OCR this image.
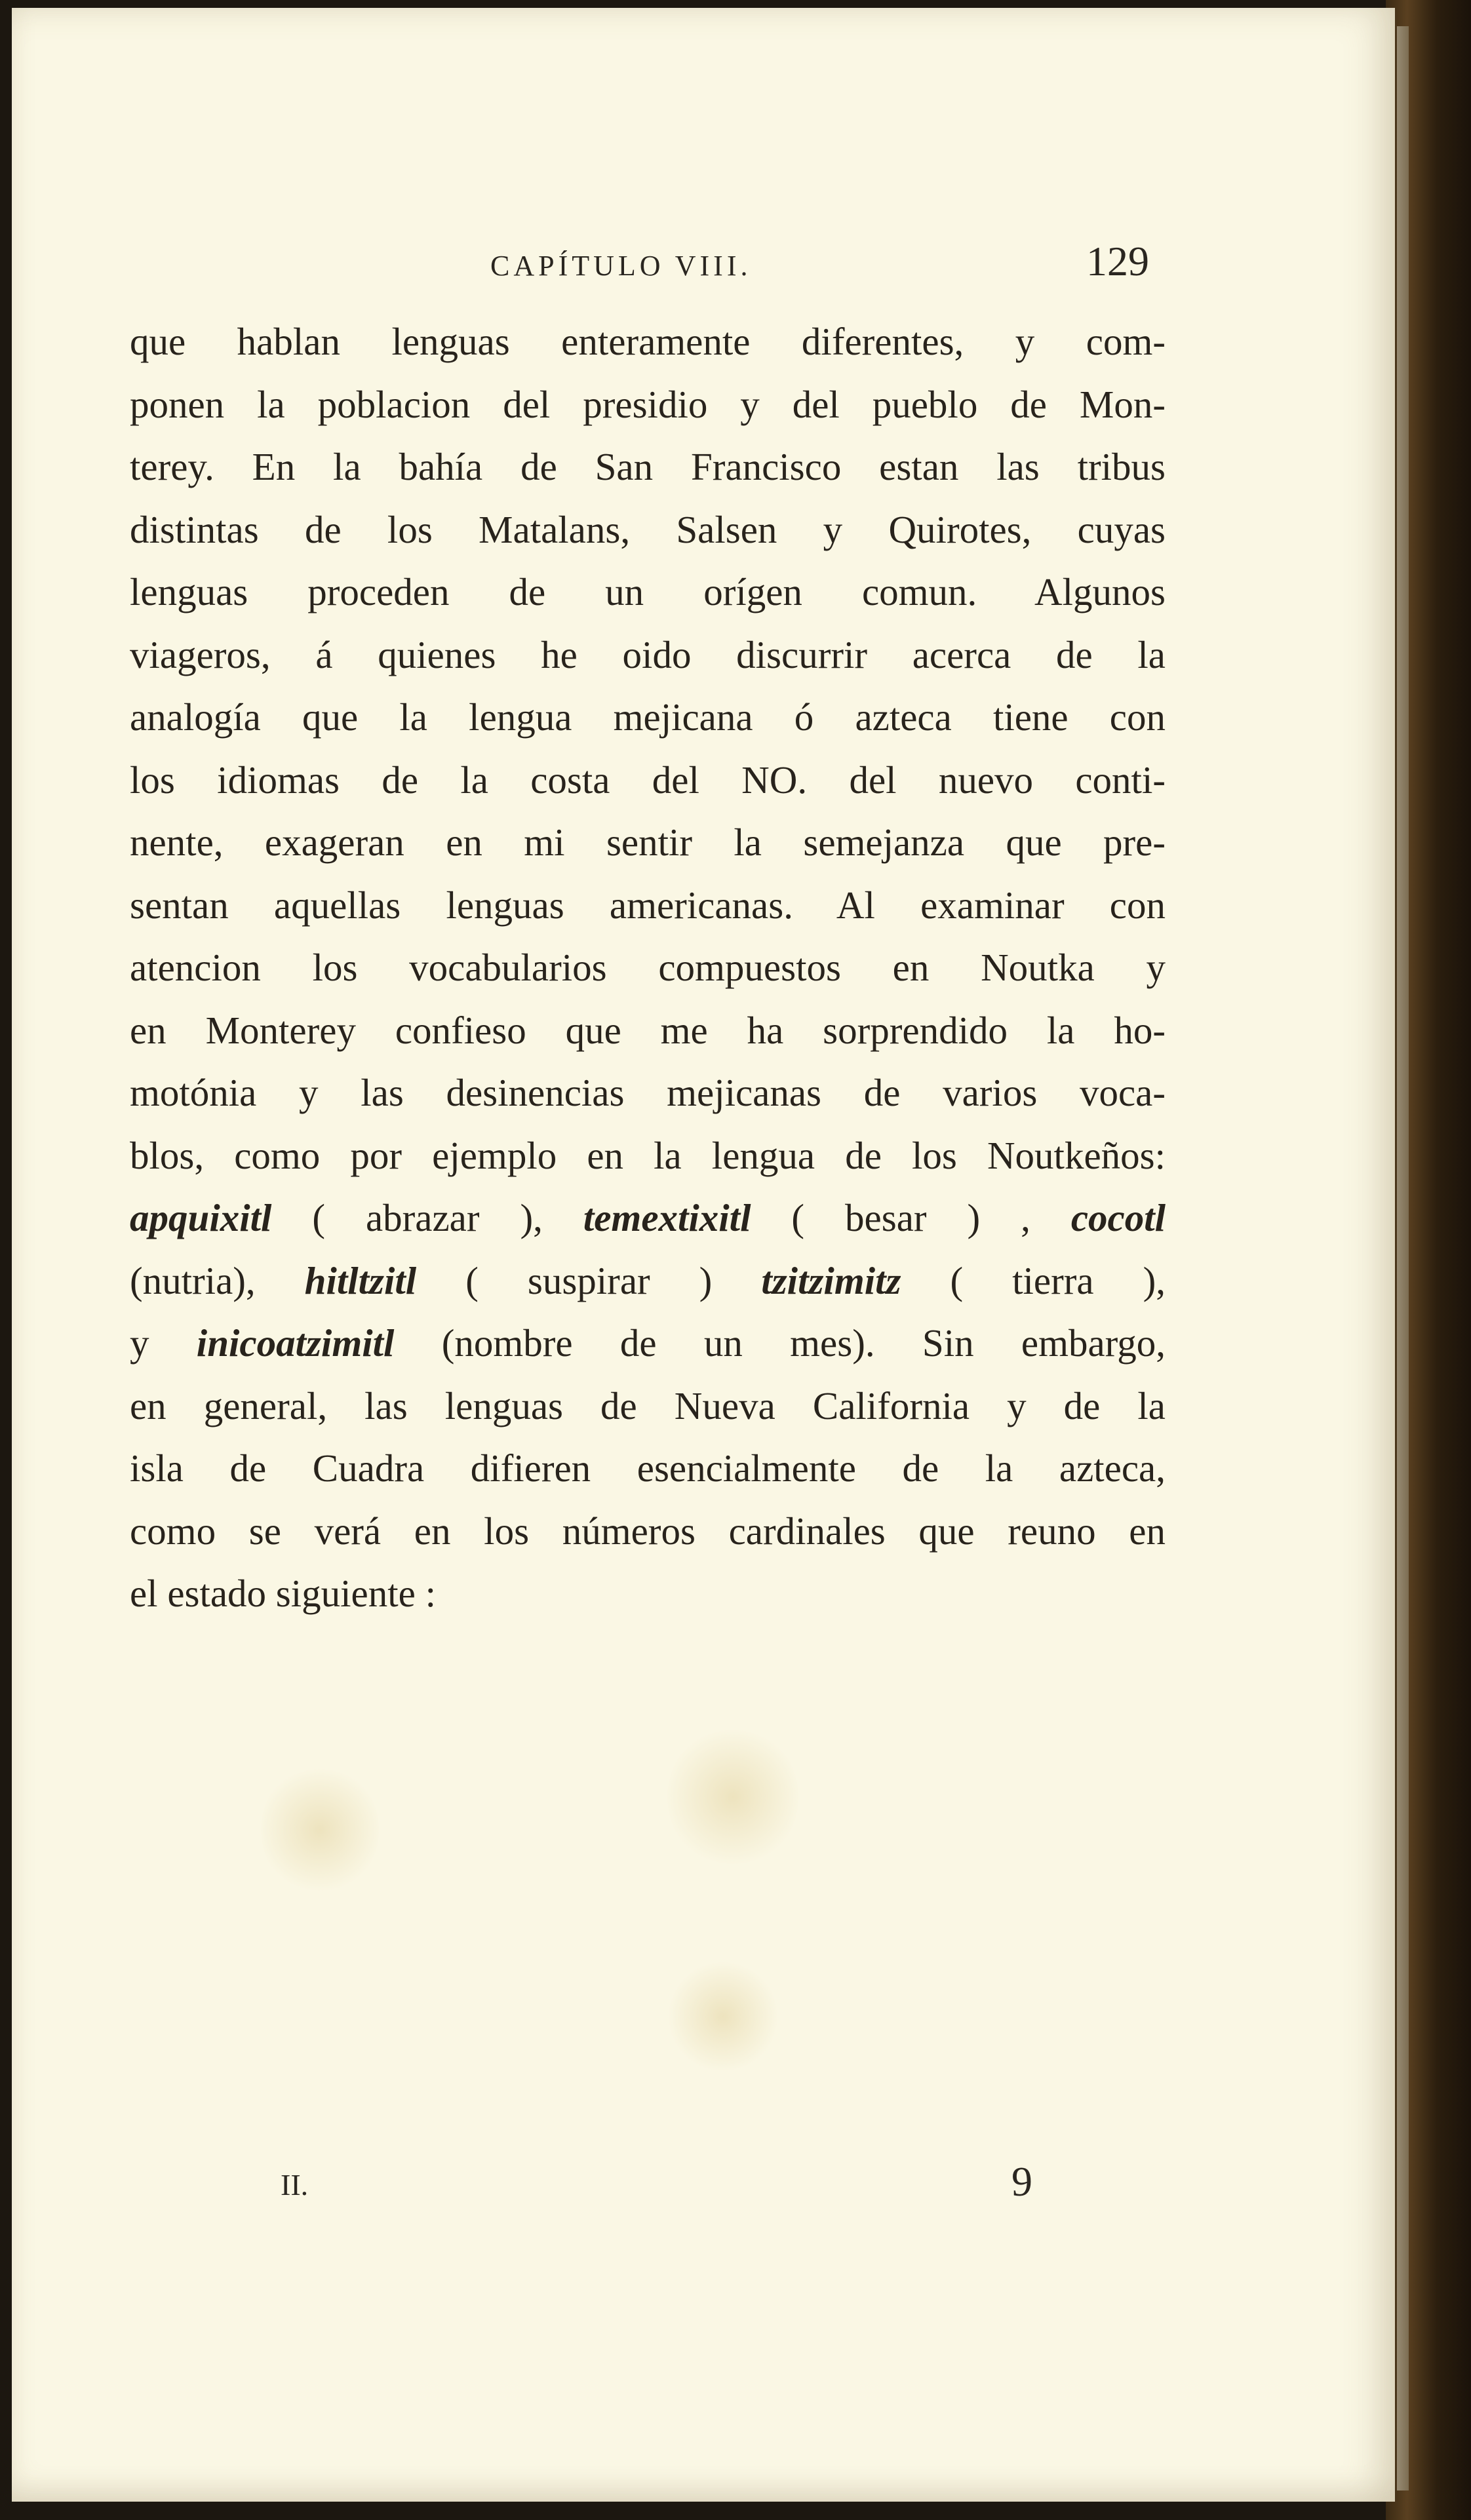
CAPÍTULO VIII.	129
que hablan lenguas enteramente diferentes, y com-
ponen la poblacion del presidio y del pueblo de Mon-
terey. En la bahía de San Francisco estan las tribus
distintas de los Matalans, Salsen y Quirotes, cuyas
lenguas proceden de un orígen comun. Algunos
viageros, á quienes he oido discurrir acerca de la
analogía que la lengua mejicana ó azteca tiene con
los idiomas de la costa del NO. del nuevo conti-
nente, exageran en mi sentir la semejanza que pre-
sentan aquellas lenguas americanas. Al examinar con
atencion los vocabularios compuestos en Noutka y
en Monterey confieso que me ha sorprendido la ho-
motónia y las desinencias mejicanas de varios voca-
blos, como por ejemplo en la lengua de los Noutkeños:
apquixitl ( abrazar ), temextixitl ( besar ) , cocotl
(nutria), hitltzitl ( suspirar ) tzitzimitz ( tierra ),
y inicoatzimitl (nombre de un mes). Sin embargo,
en general, las lenguas de Nueva California y de la
isla de Cuadra difieren esencialmente de la azteca,
como se verá en los números cardinales que reuno en
el estado siguiente :
II.	9
